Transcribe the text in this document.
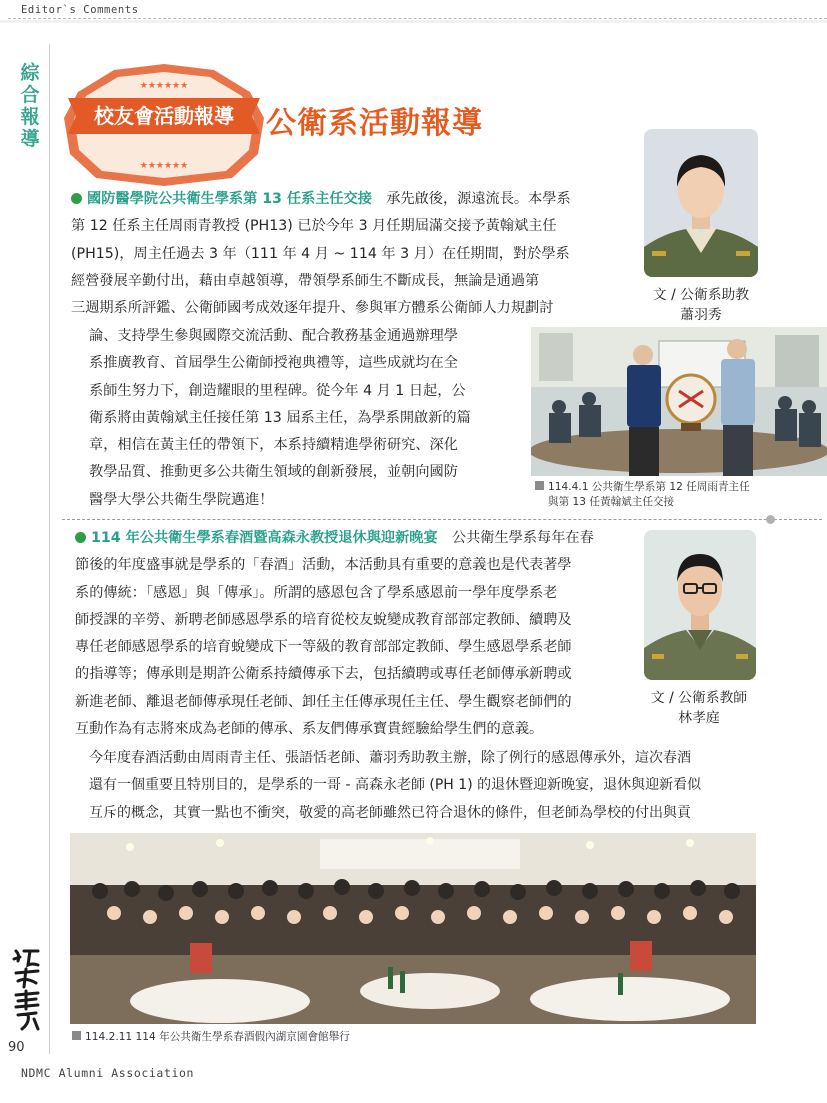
Editor`s Comments
綜
合
報
導
★★★★★★
★★★★★★
校友會活動報導 公衛系活動報導
國防醫學院公共衛生學系第 13 任系主任交接　 承先啟後，源遠流長。本學系
第 12 任系主任周雨青教授 (PH13) 已於今年 3 月任期屆滿交接予黃翰斌主任
(PH15)，周主任過去 3 年（111 年 4 月 ~ 114 年 3 月）在任期間，對於學系
經營發展辛勤付出，藉由卓越領導，帶領學系師生不斷成長，無論是通過第
三週期系所評鑑、公衛師國考成效逐年提升、參與軍方體系公衛師人力規劃討
論、支持學生參與國際交流活動、配合教務基金通過辦理學
系推廣教育、首屆學生公衛師授袍典禮等，這些成就均在全
系師生努力下，創造耀眼的里程碑。從今年 4 月 1 日起，公
衛系將由黃翰斌主任接任第 13 屆系主任，為學系開啟新的篇
章，相信在黃主任的帶領下，本系持續精進學術研究、深化
教學品質、推動更多公共衛生領域的創新發展，並朝向國防
醫學大學公共衛生學院邁進！
文 / 公衛系助教
蕭羽秀
114.4.1 公共衛生學系第 12 任周雨青主任
與第 13 任黃翰斌主任交接
114 年公共衛生學系春酒暨高森永教授退休與迎新晚宴　 公共衛生學系每年在春
節後的年度盛事就是學系的「春酒」活動，本活動具有重要的意義也是代表著學
系的傳統：「感恩」與「傳承」。所謂的感恩包含了學系感恩前一學年度學系老
師授課的辛勞、新聘老師感恩學系的培育從校友蛻變成教育部部定教師、續聘及
專任老師感恩學系的培育蛻變成下一等級的教育部部定教師、學生感恩學系老師
的指導等；傳承則是期許公衛系持續傳承下去，包括續聘或專任老師傳承新聘或
新進老師、離退老師傳承現任老師、卸任主任傳承現任主任、學生觀察老師們的
互動作為有志將來成為老師的傳承、系友們傳承寶貴經驗給學生們的意義。
今年度春酒活動由周雨青主任、張語恬老師、蕭羽秀助教主辦，除了例行的感恩傳承外，這次春酒
還有一個重要且特別目的，是學系的一哥 - 高森永老師 (PH 1) 的退休暨迎新晚宴，退休與迎新看似
互斥的概念，其實一點也不衝突，敬愛的高老師雖然已符合退休的條件，但老師為學校的付出與貢
文 / 公衛系教師
林孝庭
114.2.11 114 年公共衛生學系春酒假內湖京園會館舉行
90
NDMC Alumni Association
